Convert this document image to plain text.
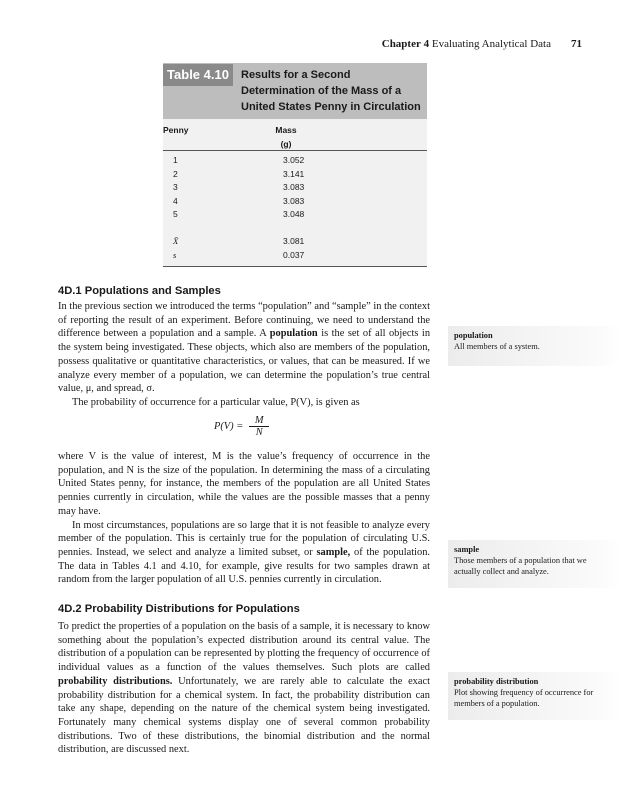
Chapter 4 Evaluating Analytical Data 71
Table 4.10	Results for a Second Determination of the Mass of a United States Penny in Circulation
Penny	Mass
(g)
1	3.052
2	3.141
3	3.083
4	3.083
5	3.048
X̄	3.081
s	0.037
4D.1 Populations and Samples

In the previous section we introduced the terms “population” and “sample” in the context of reporting the result of an experiment. Before continuing, we need to understand the difference between a population and a sample. A population is the set of all objects in the system being investigated. These objects, which also are members of the population, possess qualitative or quantitative characteristics, or values, that can be measured. If we analyze every member of a population, we can determine the population’s true central value, μ, and spread, σ.

The probability of occurrence for a particular value, P(V), is given as

$P(V) = \frac{M}{N}$

where V is the value of interest, M is the value’s frequency of occurrence in the population, and N is the size of the population. In determining the mass of a circulating United States penny, for instance, the members of the population are all United States pennies currently in circulation, while the values are the possible masses that a penny may have.

In most circumstances, populations are so large that it is not feasible to analyze every member of the population. This is certainly true for the population of circulating U.S. pennies. Instead, we select and analyze a limited subset, or sample, of the population. The data in Tables 4.1 and 4.10, for example, give results for two samples drawn at random from the larger population of all U.S. pennies currently in circulation.

4D.2 Probability Distributions for Populations

To predict the properties of a population on the basis of a sample, it is necessary to know something about the population’s expected distribution around its central value. The distribution of a population can be represented by plotting the frequency of occurrence of individual values as a function of the values themselves. Such plots are called probability distributions. Unfortunately, we are rarely able to calculate the exact probability distribution for a chemical system. In fact, the probability distribution can take any shape, depending on the nature of the chemical system being investigated. Fortunately many chemical systems display one of several common probability distributions. Two of these distributions, the binomial distribution and the normal distribution, are discussed next.

population
All members of a system.
sample
Those members of a population that we actually collect and analyze.
probability distribution
Plot showing frequency of occurrence for members of a population.
